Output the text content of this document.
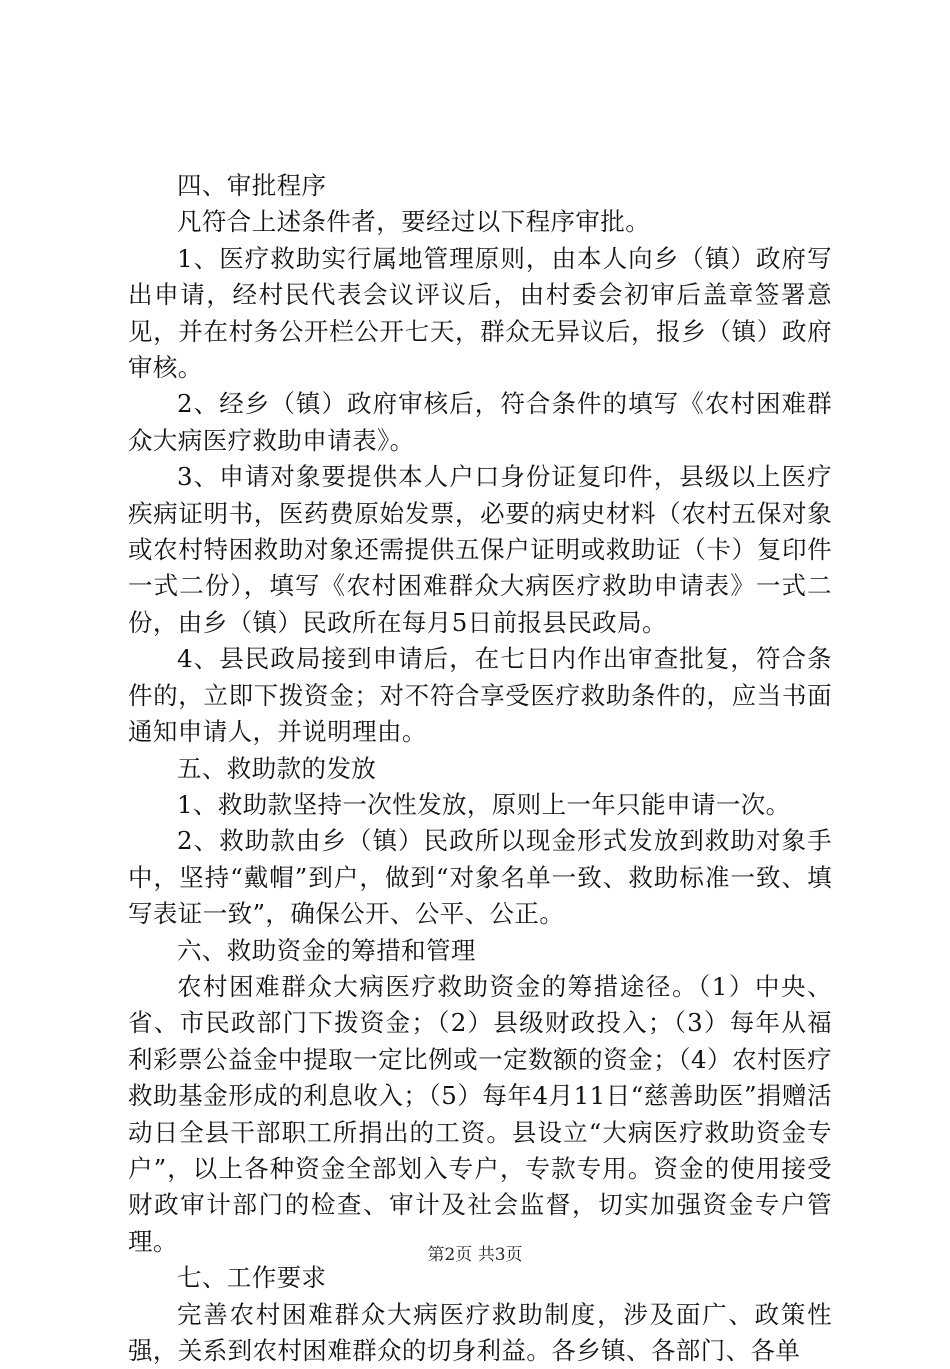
四、审批程序

凡符合上述条件者，要经过以下程序审批。

1、医疗救助实行属地管理原则，由本人向乡（镇）政府写出申请，经村民代表会议评议后，由村委会初审后盖章签署意见，并在村务公开栏公开七天，群众无异议后，报乡（镇）政府审核。

2、经乡（镇）政府审核后，符合条件的填写《农村困难群众大病医疗救助申请表》。

3、申请对象要提供本人户口身份证复印件，县级以上医疗疾病证明书，医药费原始发票，必要的病史材料（农村五保对象或农村特困救助对象还需提供五保户证明或救助证（卡）复印件一式二份），填写《农村困难群众大病医疗救助申请表》一式二份，由乡（镇）民政所在每月5日前报县民政局。

4、县民政局接到申请后，在七日内作出审查批复，符合条件的，立即下拨资金；对不符合享受医疗救助条件的，应当书面通知申请人，并说明理由。

五、救助款的发放

1、救助款坚持一次性发放，原则上一年只能申请一次。

2、救助款由乡（镇）民政所以现金形式发放到救助对象手中，坚持“戴帽”到户，做到“对象名单一致、救助标准一致、填写表证一致”，确保公开、公平、公正。

六、救助资金的筹措和管理

农村困难群众大病医疗救助资金的筹措途径。（1）中央、省、市民政部门下拨资金；（2）县级财政投入；（3）每年从福利彩票公益金中提取一定比例或一定数额的资金；（4）农村医疗救助基金形成的利息收入；（5）每年4月11日“慈善助医”捐赠活动日全县干部职工所捐出的工资。县设立“大病医疗救助资金专户”，以上各种资金全部划入专户，专款专用。资金的使用接受财政审计部门的检查、审计及社会监督，切实加强资金专户管理。

七、工作要求

完善农村困难群众大病医疗救助制度，涉及面广、政策性强，关系到农村困难群众的切身利益。各乡镇、各部门、各单

第2页 共3页
